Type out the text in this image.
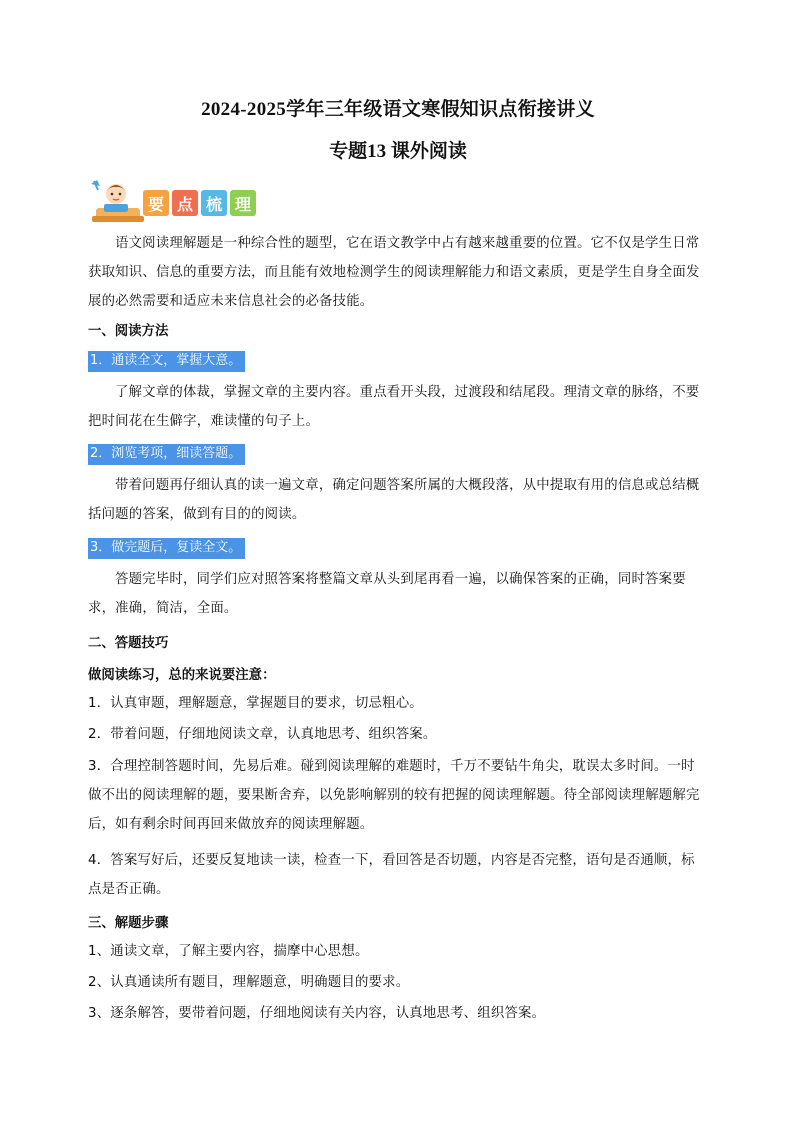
2024-2025学年三年级语文寒假知识点衔接讲义
专题13 课外阅读
要 点 梳 理
语文阅读理解题是一种综合性的题型，它在语文教学中占有越来越重要的位置。它不仅是学生日常获取知识、信息的重要方法，而且能有效地检测学生的阅读理解能力和语文素质，更是学生自身全面发展的必然需要和适应未来信息社会的必备技能。
一、阅读方法
1．通读全文，掌握大意。
了解文章的体裁，掌握文章的主要内容。重点看开头段，过渡段和结尾段。理清文章的脉络，不要把时间花在生僻字，难读懂的句子上。
2．浏览考项，细读答题。
带着问题再仔细认真的读一遍文章，确定问题答案所属的大概段落，从中提取有用的信息或总结概括问题的答案，做到有目的的阅读。
3．做完题后，复读全文。
答题完毕时，同学们应对照答案将整篇文章从头到尾再看一遍，以确保答案的正确，同时答案要求，准确，简洁，全面。
二、答题技巧
做阅读练习，总的来说要注意：
1．认真审题，理解题意，掌握题目的要求，切忌粗心。
2．带着问题，仔细地阅读文章，认真地思考、组织答案。
3．合理控制答题时间，先易后难。碰到阅读理解的难题时，千万不要钻牛角尖，耽误太多时间。一时做不出的阅读理解的题，要果断舍弃，以免影响解别的较有把握的阅读理解题。待全部阅读理解题解完后，如有剩余时间再回来做放弃的阅读理解题。
4．答案写好后，还要反复地读一读，检查一下，看回答是否切题，内容是否完整，语句是否通顺，标点是否正确。
三、解题步骤
1、通读文章，了解主要内容，揣摩中心思想。
2、认真通读所有题目，理解题意，明确题目的要求。
3、逐条解答，要带着问题，仔细地阅读有关内容，认真地思考、组织答案。
